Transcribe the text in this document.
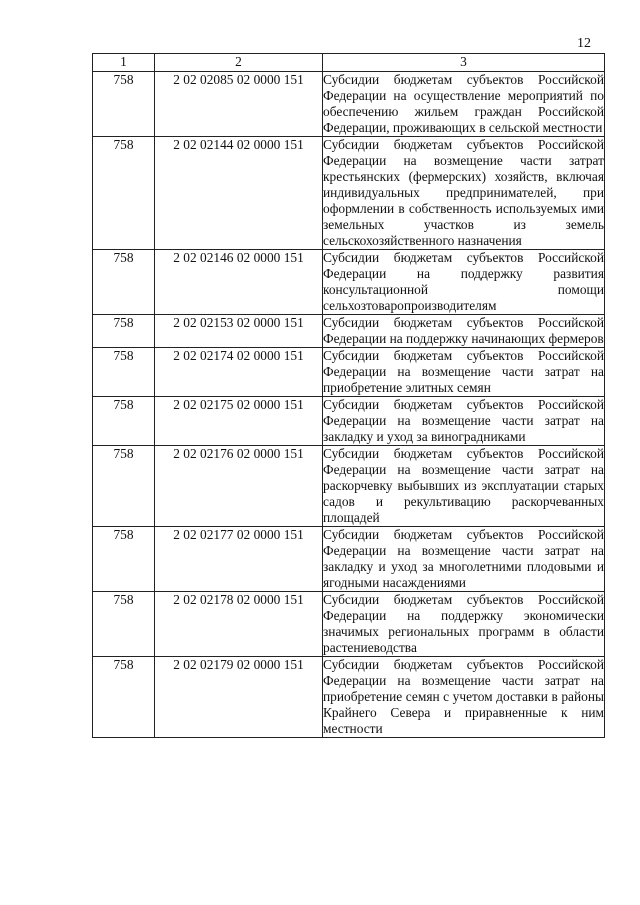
12
1	2	3
758	2 02 02085 02 0000 151	Субсидии бюджетам субъектов Российской Федерации на осуществление мероприятий по обеспечению жильем граждан Российской Федерации, проживающих в сельской местности
758	2 02 02144 02 0000 151	Субсидии бюджетам субъектов Российской Федерации на возмещение части затрат крестьянских (фермерских) хозяйств, включая индивидуальных предпринимателей, при оформлении в собственность используемых ими земельных участков из земель сельскохозяйственного назначения
758	2 02 02146 02 0000 151	Субсидии бюджетам субъектов Российской Федерации на поддержку развития консультационной помощи сельхозтоваропроизводителям
758	2 02 02153 02 0000 151	Субсидии бюджетам субъектов Российской Федерации на поддержку начинающих фермеров
758	2 02 02174 02 0000 151	Субсидии бюджетам субъектов Российской Федерации на возмещение части затрат на приобретение элитных семян
758	2 02 02175 02 0000 151	Субсидии бюджетам субъектов Российской Федерации на возмещение части затрат на закладку и уход за виноградниками
758	2 02 02176 02 0000 151	Субсидии бюджетам субъектов Российской Федерации на возмещение части затрат на раскорчевку выбывших из эксплуатации старых садов и рекультивацию раскорчеванных площадей
758	2 02 02177 02 0000 151	Субсидии бюджетам субъектов Российской Федерации на возмещение части затрат на закладку и уход за многолетними плодовыми и ягодными насаждениями
758	2 02 02178 02 0000 151	Субсидии бюджетам субъектов Российской Федерации на поддержку экономически значимых региональных программ в области растениеводства
758	2 02 02179 02 0000 151	Субсидии бюджетам субъектов Российской Федерации на возмещение части затрат на приобретение семян с учетом доставки в районы Крайнего Севера и приравненные к ним местности
